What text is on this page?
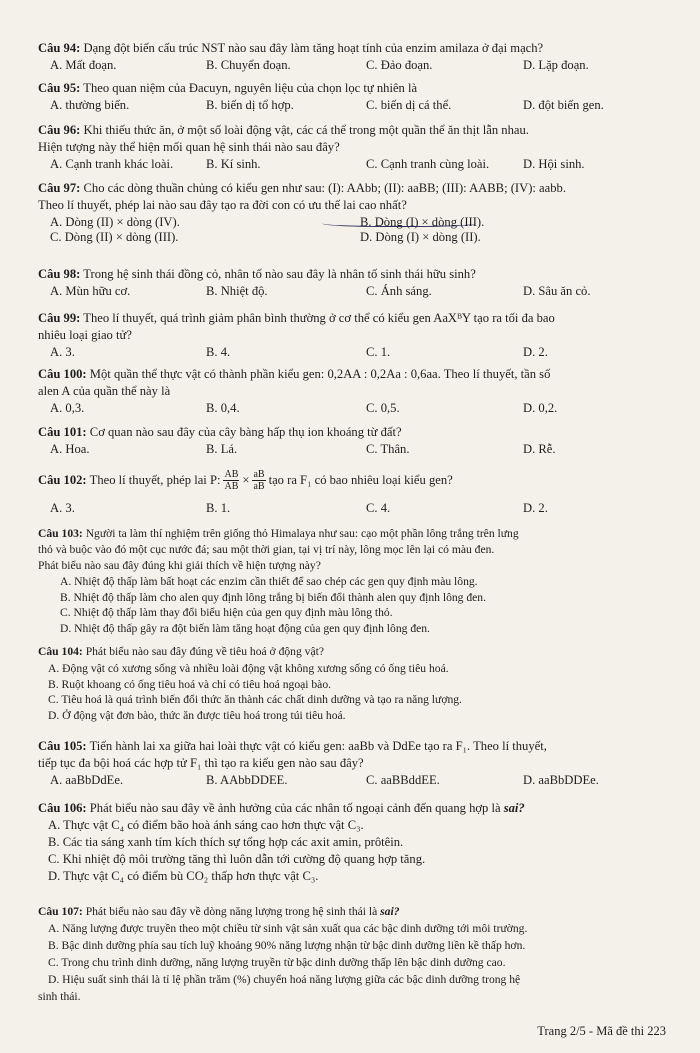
Câu 94: Dạng đột biến cấu trúc NST nào sau đây làm tăng hoạt tính của enzim amilaza ở đại mạch?
A. Mất đoạn.	B. Chuyển đoạn.	C. Đảo đoạn.	D. Lặp đoạn.
Câu 95: Theo quan niệm của Đacuyn, nguyên liệu của chọn lọc tự nhiên là
A. thường biến.	B. biến dị tổ hợp.	C. biến dị cá thể.	D. đột biến gen.
Câu 96: Khi thiếu thức ăn, ở một số loài động vật, các cá thể trong một quần thể ăn thịt lẫn nhau.
Hiện tượng này thể hiện mối quan hệ sinh thái nào sau đây?
A. Cạnh tranh khác loài.	B. Kí sinh.	C. Cạnh tranh cùng loài.	D. Hội sinh.
Câu 97: Cho các dòng thuần chủng có kiểu gen như sau: (I): AAbb; (II): aaBB; (III): AABB; (IV): aabb.
Theo lí thuyết, phép lai nào sau đây tạo ra đời con có ưu thế lai cao nhất?
A. Dòng (II) × dòng (IV).	B. Dòng (I) × dòng (III).
C. Dòng (II) × dòng (III).	D. Dòng (I) × dòng (II).
Câu 98: Trong hệ sinh thái đồng cỏ, nhân tố nào sau đây là nhân tố sinh thái hữu sinh?
A. Mùn hữu cơ.	B. Nhiệt độ.	C. Ánh sáng.	D. Sâu ăn cỏ.
Câu 99: Theo lí thuyết, quá trình giảm phân bình thường ở cơ thể có kiểu gen AaXᴮY tạo ra tối đa bao
nhiêu loại giao tử?
A. 3.	B. 4.	C. 1.	D. 2.
Câu 100: Một quần thể thực vật có thành phần kiểu gen: 0,2AA : 0,2Aa : 0,6aa. Theo lí thuyết, tần số
alen A của quần thể này là
A. 0,3.	B. 0,4.	C. 0,5.	D. 0,2.
Câu 101: Cơ quan nào sau đây của cây bàng hấp thụ ion khoáng từ đất?
A. Hoa.	B. Lá.	C. Thân.	D. Rễ.
Câu 102: Theo lí thuyết, phép lai P: $\frac{AB}{AB} \times \frac{aB}{aB}$ tạo ra F₁ có bao nhiêu loại kiểu gen?
A. 3.	B. 1.	C. 4.	D. 2.
Câu 103: Người ta làm thí nghiệm trên giống thỏ Himalaya như sau: cạo một phần lông trắng trên lưng
thỏ và buộc vào đó một cục nước đá; sau một thời gian, tại vị trí này, lông mọc lên lại có màu đen.
Phát biểu nào sau đây đúng khi giải thích về hiện tượng này?
A. Nhiệt độ thấp làm bất hoạt các enzim cần thiết để sao chép các gen quy định màu lông.
B. Nhiệt độ thấp làm cho alen quy định lông trắng bị biến đổi thành alen quy định lông đen.
C. Nhiệt độ thấp làm thay đổi biểu hiện của gen quy định màu lông thỏ.
D. Nhiệt độ thấp gây ra đột biến làm tăng hoạt động của gen quy định lông đen.
Câu 104: Phát biểu nào sau đây đúng về tiêu hoá ở động vật?
A. Động vật có xương sống và nhiều loài động vật không xương sống có ống tiêu hoá.
B. Ruột khoang có ống tiêu hoá và chỉ có tiêu hoá ngoại bào.
C. Tiêu hoá là quá trình biến đổi thức ăn thành các chất dinh dưỡng và tạo ra năng lượng.
D. Ở động vật đơn bào, thức ăn được tiêu hoá trong túi tiêu hoá.
Câu 105: Tiến hành lai xa giữa hai loài thực vật có kiểu gen: aaBb và DdEe tạo ra F₁. Theo lí thuyết,
tiếp tục đa bội hoá các hợp tử F₁ thì tạo ra kiểu gen nào sau đây?
A. aaBbDdEe.	B. AAbbDDEE.	C. aaBBddEE.	D. aaBbDDEe.
Câu 106: Phát biểu nào sau đây về ảnh hưởng của các nhân tố ngoại cảnh đến quang hợp là sai?
A. Thực vật C₄ có điểm bão hoà ánh sáng cao hơn thực vật C₃.
B. Các tia sáng xanh tím kích thích sự tổng hợp các axit amin, prôtêin.
C. Khi nhiệt độ môi trường tăng thì luôn dẫn tới cường độ quang hợp tăng.
D. Thực vật C₄ có điểm bù CO₂ thấp hơn thực vật C₃.
Câu 107: Phát biểu nào sau đây về dòng năng lượng trong hệ sinh thái là sai?
A. Năng lượng được truyền theo một chiều từ sinh vật sản xuất qua các bậc dinh dưỡng tới môi trường.
B. Bậc dinh dưỡng phía sau tích luỹ khoảng 90% năng lượng nhận từ bậc dinh dưỡng liền kề thấp hơn.
C. Trong chu trình dinh dưỡng, năng lượng truyền từ bậc dinh dưỡng thấp lên bậc dinh dưỡng cao.
D. Hiệu suất sinh thái là tỉ lệ phần trăm (%) chuyển hoá năng lượng giữa các bậc dinh dưỡng trong hệ
sinh thái.
Trang 2/5 - Mã đề thi 223
